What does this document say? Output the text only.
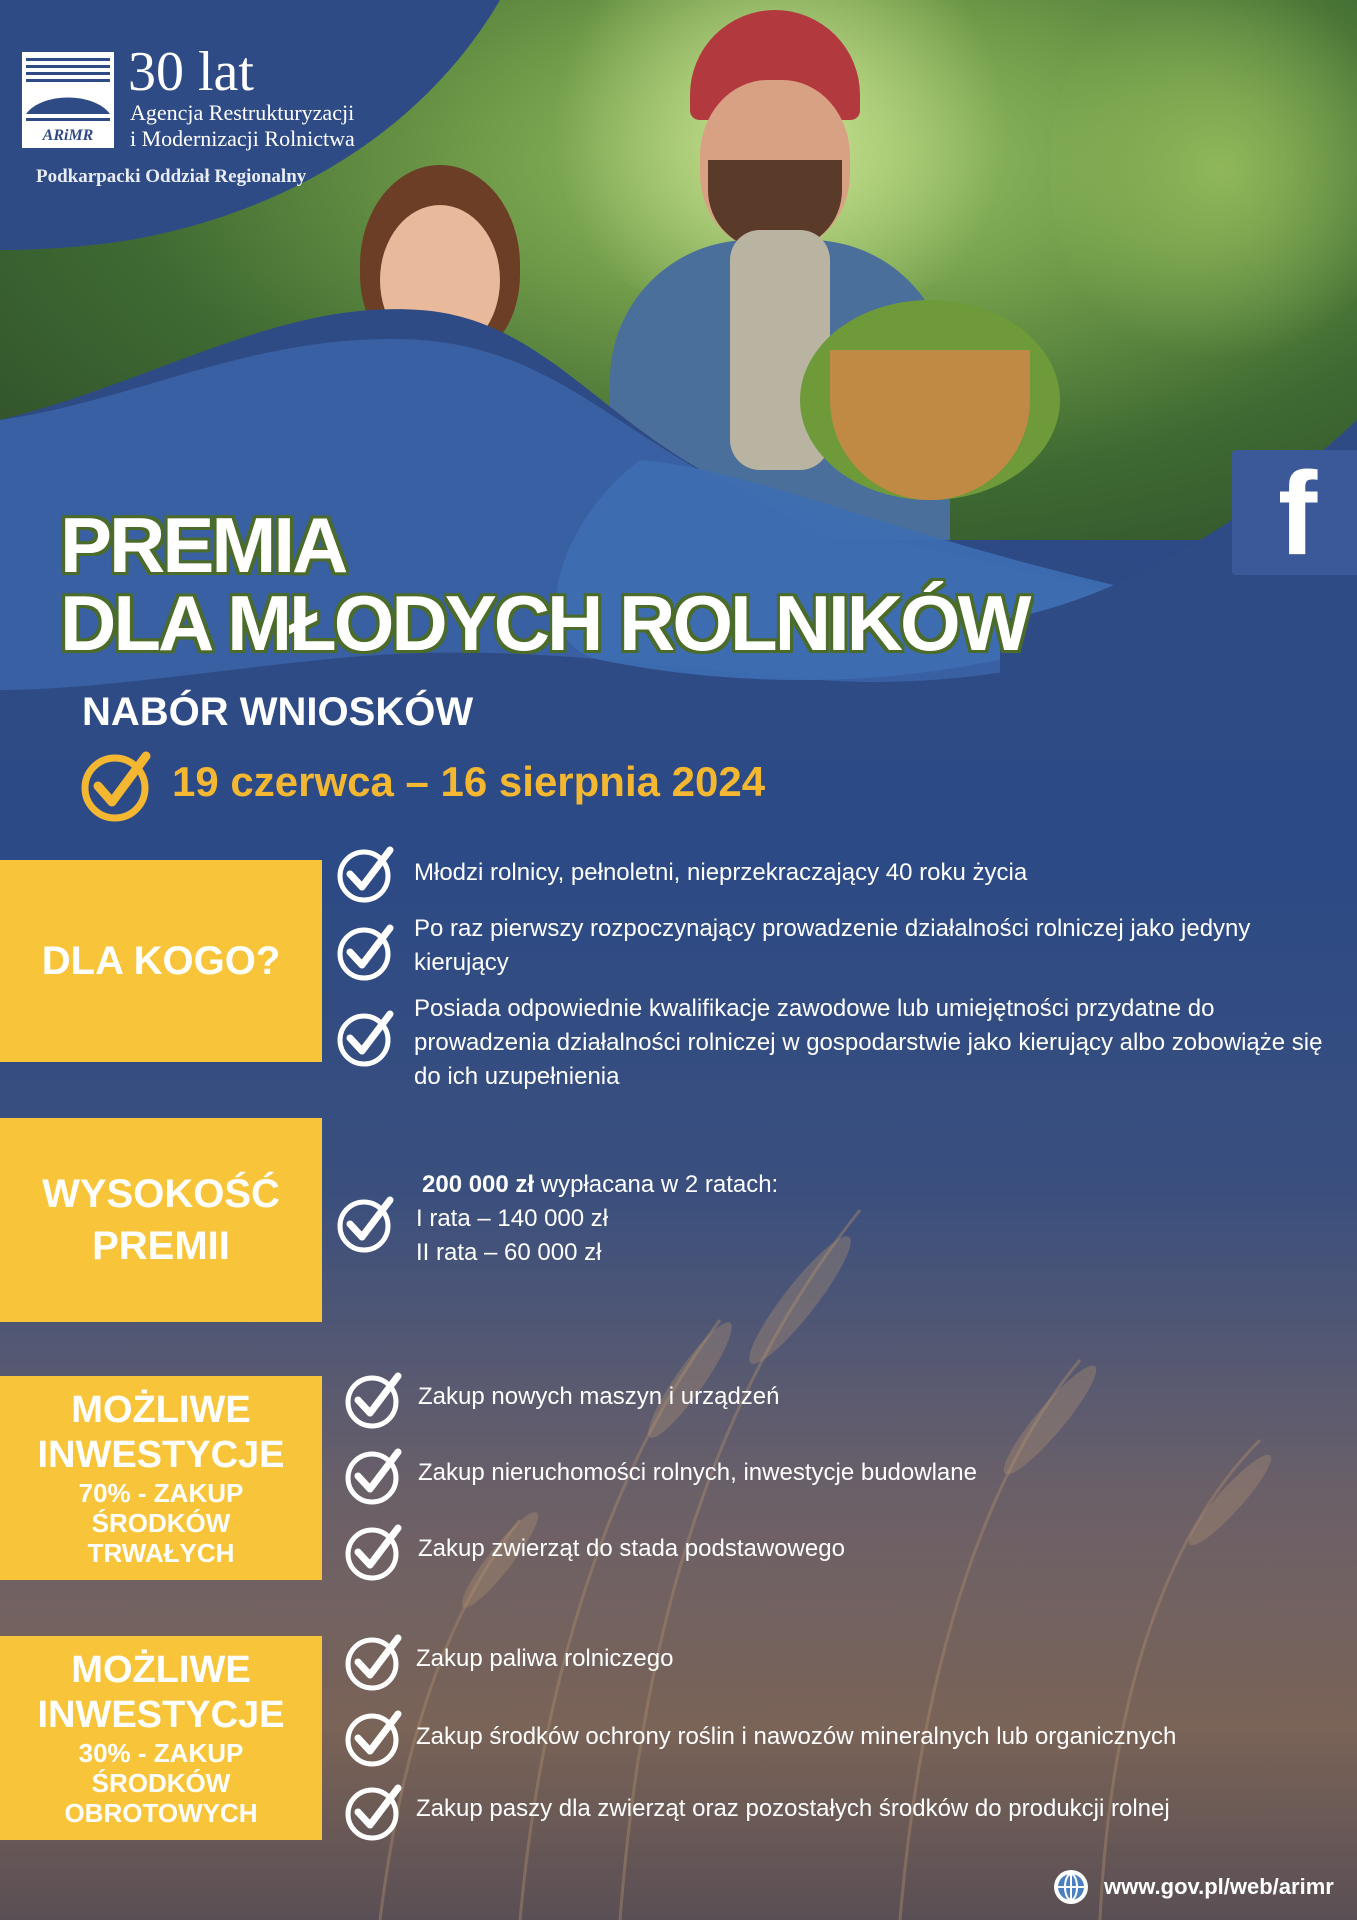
ARiMR
30 lat
Agencja Restrukturyzacji
i Modernizacji Rolnictwa
Podkarpacki Oddział Regionalny
f
PREMIA
DLA MŁODYCH ROLNIKÓW
NABÓR WNIOSKÓW
19 czerwca – 16 sierpnia 2024
DLA KOGO?
Młodzi rolnicy, pełnoletni, nieprzekraczający 40 roku życia
Po raz pierwszy rozpoczynający prowadzenie działalności rolniczej jako jedyny kierujący
Posiada odpowiednie kwalifikacje zawodowe lub umiejętności przydatne do prowadzenia działalności rolniczej w gospodarstwie jako kierujący albo zobowiąże się do ich uzupełnienia
WYSOKOŚĆ
PREMII
200 000 zł wypłacana w 2 ratach:
I rata – 140 000 zł
II rata – 60 000 zł
MOŻLIWE
INWESTYCJE
70% - ZAKUP
ŚRODKÓW
TRWAŁYCH
Zakup nowych maszyn i urządzeń
Zakup nieruchomości rolnych, inwestycje budowlane
Zakup zwierząt do stada podstawowego
MOŻLIWE
INWESTYCJE
30% - ZAKUP
ŚRODKÓW
OBROTOWYCH
Zakup paliwa rolniczego
Zakup środków ochrony roślin i nawozów mineralnych lub organicznych
Zakup paszy dla zwierząt oraz pozostałych środków do produkcji rolnej
www.gov.pl/web/arimr
